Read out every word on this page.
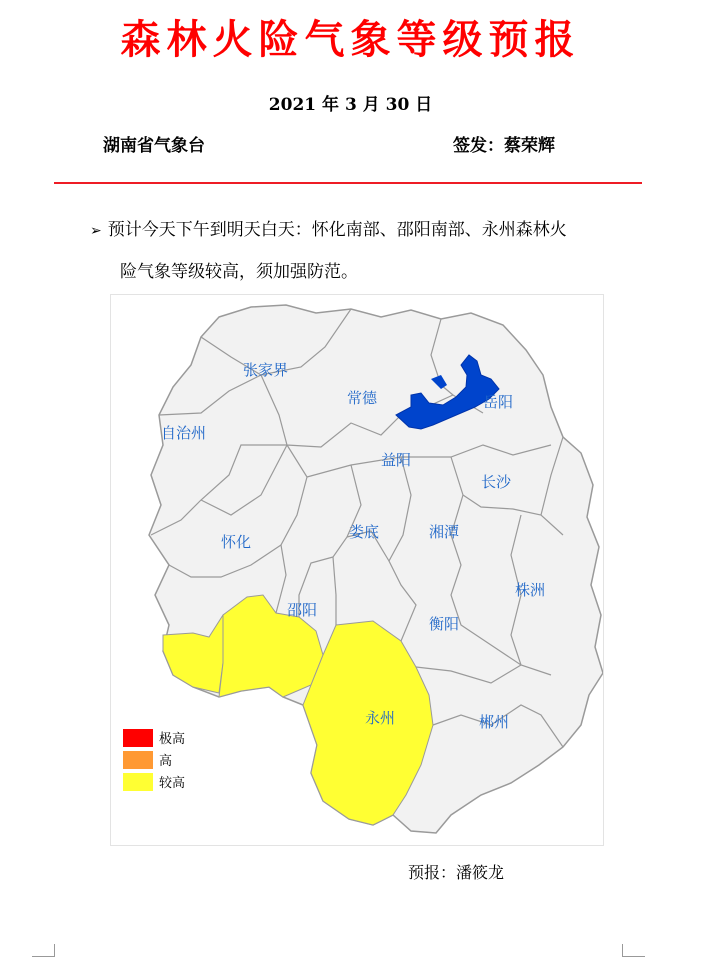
森林火险气象等级预报
2021 年 3 月 30 日
湖南省气象台	签发：蔡荣辉
➢ 预计今天下午到明天白天：怀化南部、邵阳南部、永州森林火
险气象等级较高，须加强防范。
张家界
常德	岳阳
自治州
益阳
长沙
怀化
娄底	湘潭
株洲
邵阳
衡阳
永州	郴州
极高
高
较高
预报：潘筱龙
